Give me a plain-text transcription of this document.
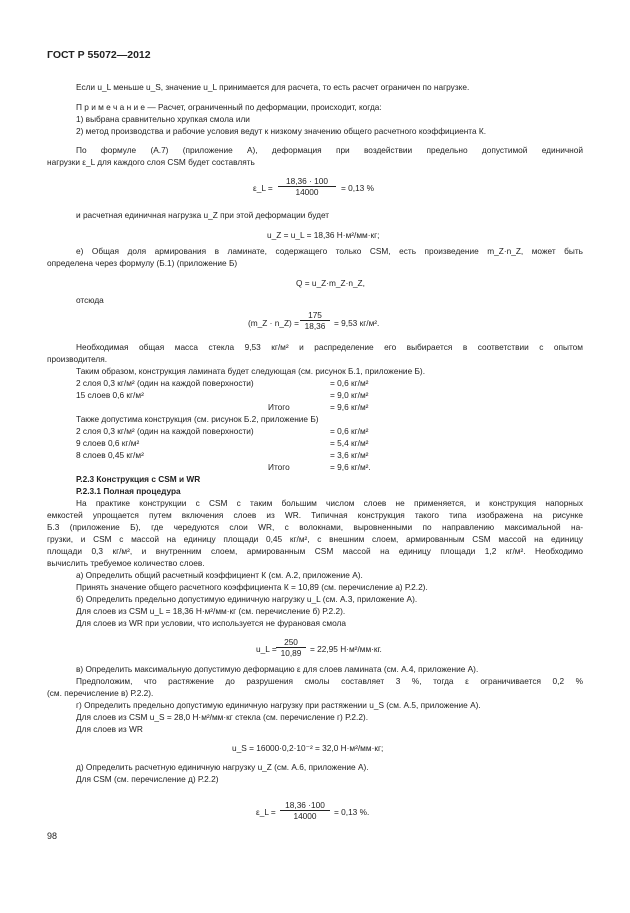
ГОСТ Р 55072—2012
Если u_L меньше u_S, значение u_L принимается для расчета, то есть расчет ограничен по нагрузке.
П р и м е ч а н и е — Расчет, ограниченный по деформации, происходит, когда:
1) выбрана сравнительно хрупкая смола или
2) метод производства и рабочие условия ведут к низкому значению общего расчетного коэффициента К.
По формуле (А.7) (приложение А), деформация при воздействии предельно допустимой единичной
нагрузки ε_L для каждого слоя CSM будет составлять
ε_L = $\frac{18,36 \cdot 100}{14000} = 0,13$ %
и расчетная единичная нагрузка u_Z при этой деформации будет
u_Z = u_L = 18,36 Н·м²/мм·кг;
е) Общая доля армирования в ламинате, содержащего только CSM, есть произведение m_Z·n_Z, может быть
определена через формулу (Б.1) (приложение Б)
Q = u_Z·m_Z·n_Z,
отсюда
(m_Z · n_Z) = $\frac{175}{18,36} = 9,53$ кг/м².
Необходимая общая масса стекла 9,53 кг/м² и распределение его выбирается в соответствии с опытом
производителя.
Таким образом, конструкция ламината будет следующая (см. рисунок Б.1, приложение Б).
2 слоя 0,3 кг/м² (один на каждой поверхности)	= 0,6 кг/м²
15 слоев 0,6 кг/м²	= 9,0 кг/м²
Итого	= 9,6 кг/м²
Также допустима конструкция (см. рисунок Б.2, приложение Б)
2 слоя 0,3 кг/м² (один на каждой поверхности)	= 0,6 кг/м²
9 слоев 0,6 кг/м²	= 5,4 кг/м²
8 слоев 0,45 кг/м²	= 3,6 кг/м²
Итого	= 9,6 кг/м².
Р.2.3 Конструкция с CSM и WR
Р.2.3.1 Полная процедура
На практике конструкции с CSM с таким большим числом слоев не применяется, и конструкция напорных
емкостей упрощается путем включения слоев из WR. Типичная конструкция такого типа изображена на рисунке
Б.3 (приложение Б), где чередуются слои WR, с волокнами, выровненными по направлению максимальной на-
грузки, и CSM с массой на единицу площади 0,45 кг/м², с внешним слоем, армированным CSM массой на единицу
площади 0,3 кг/м², и внутренним слоем, армированным CSM массой на единицу площади 1,2 кг/м². Необходимо
вычислить требуемое количество слоев.
а) Определить общий расчетный коэффициент К (см. А.2, приложение А).
Принять значение общего расчетного коэффициента К = 10,89 (см. перечисление а) Р.2.2).
б) Определить предельно допустимую единичную нагрузку u_L (см. А.3, приложение А).
Для слоев из CSM u_L = 18,36 Н·м²/мм·кг (см. перечисление б) Р.2.2).
Для слоев из WR при условии, что используется не фурановая смола
u_L = $\frac{250}{10,89} = 22,95$ Н·м²/мм·кг.
в) Определить максимальную допустимую деформацию ε для слоев ламината (см. А.4, приложение А).
Предположим, что растяжение до разрушения смолы составляет 3 %, тогда ε ограничивается 0,2 %
(см. перечисление в) Р.2.2).
г) Определить предельно допустимую единичную нагрузку при растяжении u_S (см. А.5, приложение А).
Для слоев из CSM u_S = 28,0 Н·м²/мм·кг стекла (см. перечисление г) Р.2.2).
Для слоев из WR
u_S = 16000·0,2·10⁻² = 32,0 Н·м²/мм·кг;
д) Определить расчетную единичную нагрузку u_Z (см. А.6, приложение А).
Для CSM (см. перечисление д) Р.2.2)
ε_L = $\frac{18,36 \cdot 100}{14000} = 0,13$ %.
98
